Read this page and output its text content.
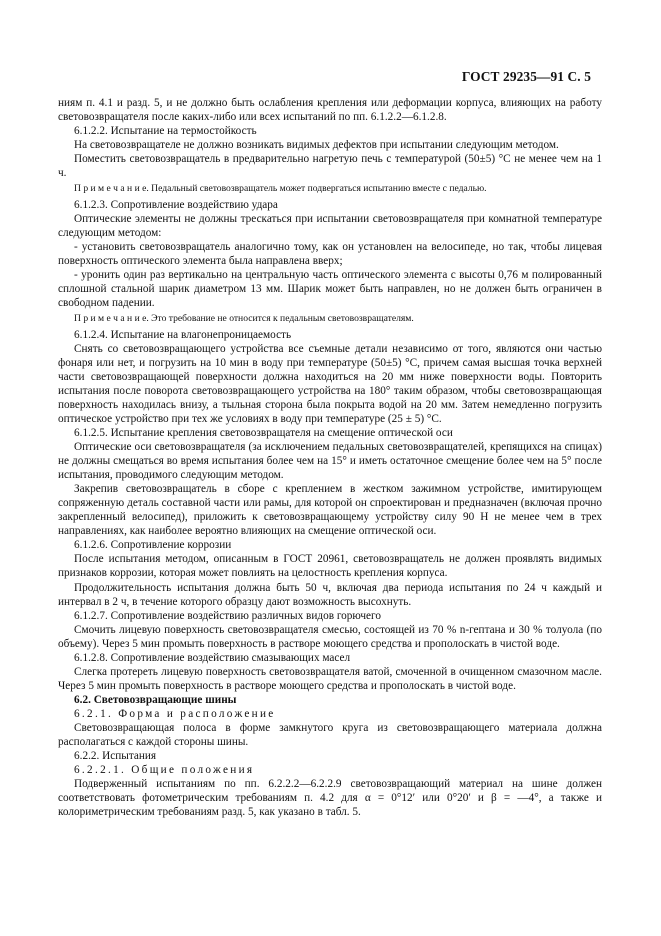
ГОСТ 29235—91 С. 5

ниям п. 4.1 и разд. 5, и не должно быть ослабления крепления или деформации корпуса, влияющих на работу световозвращателя после каких-либо или всех испытаний по пп. 6.1.2.2—6.1.2.8.

6.1.2.2. Испытание на термостойкость

На световозвращателе не должно возникать видимых дефектов при испытании следующим методом.

Поместить световозвращатель в предварительно нагретую печь с температурой (50±5) °С не менее чем на 1 ч.

П р и м е ч а н и е. Педальный световозвращатель может подвергаться испытанию вместе с педалью.

6.1.2.3. Сопротивление воздействию удара

Оптические элементы не должны трескаться при испытании световозвращателя при комнатной температуре следующим методом:

- установить световозвращатель аналогично тому, как он установлен на велосипеде, но так, чтобы лицевая поверхность оптического элемента была направлена вверх;

- уронить один раз вертикально на центральную часть оптического элемента с высоты 0,76 м полированный сплошной стальной шарик диаметром 13 мм. Шарик может быть направлен, но не должен быть ограничен в свободном падении.

П р и м е ч а н и е. Это требование не относится к педальным световозвращателям.

6.1.2.4. Испытание на влагонепроницаемость

Снять со световозвращающего устройства все съемные детали независимо от того, являются они частью фонаря или нет, и погрузить на 10 мин в воду при температуре (50±5) °С, причем самая высшая точка верхней части световозвращающей поверхности должна находиться на 20 мм ниже поверхности воды. Повторить испытания после поворота световозвращающего устройства на 180° таким образом, чтобы световозвращающая поверхность находилась внизу, а тыльная сторона была покрыта водой на 20 мм. Затем немедленно погрузить оптическое устройство при тех же условиях в воду при температуре (25 ± 5) °С.

6.1.2.5. Испытание крепления световозвращателя на смещение оптической оси

Оптические оси световозвращателя (за исключением педальных световозвращателей, крепящихся на спицах) не должны смещаться во время испытания более чем на 15° и иметь остаточное смещение более чем на 5° после испытания, проводимого следующим методом.

Закрепив световозвращатель в сборе с креплением в жестком зажимном устройстве, имитирующем сопряженную деталь составной части или рамы, для которой он спроектирован и предназначен (включая прочно закрепленный велосипед), приложить к световозвращающему устройству силу 90 Н не менее чем в трех направлениях, как наиболее вероятно влияющих на смещение оптической оси.

6.1.2.6. Сопротивление коррозии

После испытания методом, описанным в ГОСТ 20961, световозвращатель не должен проявлять видимых признаков коррозии, которая может повлиять на целостность крепления корпуса.

Продолжительность испытания должна быть 50 ч, включая два периода испытания по 24 ч каждый и интервал в 2 ч, в течение которого образцу дают возможность высохнуть.

6.1.2.7. Сопротивление воздействию различных видов горючего

Смочить лицевую поверхность световозвращателя смесью, состоящей из 70 % n-гептана и 30 % толуола (по объему). Через 5 мин промыть поверхность в растворе моющего средства и прополоскать в чистой воде.

6.1.2.8. Сопротивление воздействию смазывающих масел

Слегка протереть лицевую поверхность световозвращателя ватой, смоченной в очищенном смазочном масле. Через 5 мин промыть поверхность в растворе моющего средства и прополоскать в чистой воде.

6.2. Световозвращающие шины

6.2.1. Форма и расположение

Световозвращающая полоса в форме замкнутого круга из световозвращающего материала должна располагаться с каждой стороны шины.

6.2.2. Испытания

6.2.2.1. Общие положения

Подверженный испытаниям по пп. 6.2.2.2—6.2.2.9 световозвращающий материал на шине должен соответствовать фотометрическим требованиям п. 4.2 для α = 0°12′ или 0°20′ и β = —4°, а также и колориметрическим требованиям разд. 5, как указано в табл. 5.
